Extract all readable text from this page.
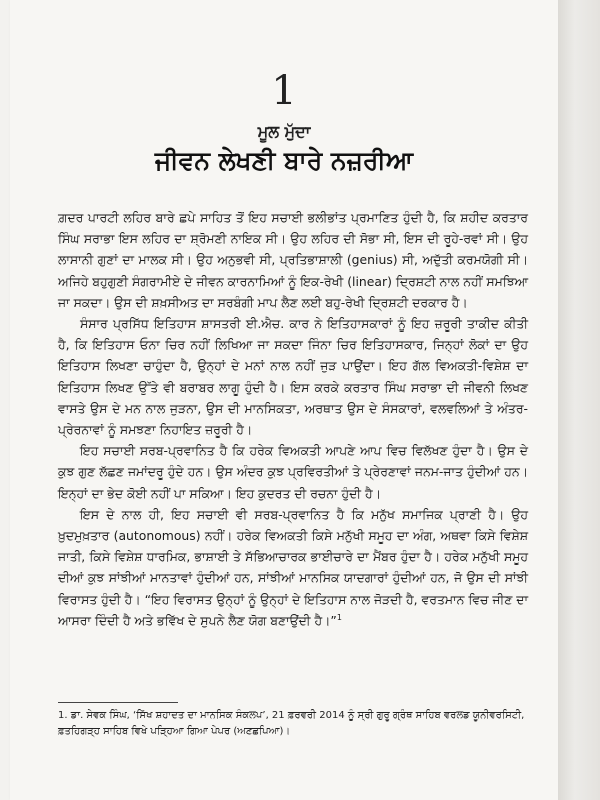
1
ਮੂਲ ਮੁੱਦਾ
ਜੀਵਨ ਲੇਖਣੀ ਬਾਰੇ ਨਜ਼ਰੀਆ

ਗ਼ਦਰ ਪਾਰਟੀ ਲਹਿਰ ਬਾਰੇ ਛਪੇ ਸਾਹਿਤ ਤੋਂ ਇਹ ਸਚਾਈ ਭਲੀਭਾਂਤ ਪ੍ਰਮਾਣਿਤ ਹੁੰਦੀ ਹੈ, ਕਿ ਸ਼ਹੀਦ ਕਰਤਾਰ ਸਿੰਘ ਸਰਾਭਾ ਇਸ ਲਹਿਰ ਦਾ ਸ਼੍ਰੋਮਣੀ ਨਾਇਕ ਸੀ। ਉਹ ਲਹਿਰ ਦੀ ਸੋਭਾ ਸੀ, ਇਸ ਦੀ ਰੂਹੇ-ਰਵਾਂ ਸੀ। ਉਹ ਲਾਸਾਨੀ ਗੁਣਾਂ ਦਾ ਮਾਲਕ ਸੀ। ਉਹ ਅਨੁਭਵੀ ਸੀ, ਪ੍ਰਤਿਭਾਸ਼ਾਲੀ (genius) ਸੀ, ਅਦੁੱਤੀ ਕਰਮਯੋਗੀ ਸੀ। ਅਜਿਹੇ ਬਹੁਗੁਣੀ ਸੰਗਰਾਮੀਏ ਦੇ ਜੀਵਨ ਕਾਰਨਾਮਿਆਂ ਨੂੰ ਇਕ-ਰੇਖੀ (linear) ਦ੍ਰਿਸ਼ਟੀ ਨਾਲ ਨਹੀਂ ਸਮਝਿਆ ਜਾ ਸਕਦਾ। ਉਸ ਦੀ ਸ਼ਖ਼ਸੀਅਤ ਦਾ ਸਰਬੰਗੀ ਮਾਪ ਲੈਣ ਲਈ ਬਹੁ-ਰੇਖੀ ਦ੍ਰਿਸ਼ਟੀ ਦਰਕਾਰ ਹੈ।

ਸੰਸਾਰ ਪ੍ਰਸਿੱਧ ਇਤਿਹਾਸ ਸ਼ਾਸਤਰੀ ਈ.ਐਚ. ਕਾਰ ਨੇ ਇਤਿਹਾਸਕਾਰਾਂ ਨੂੰ ਇਹ ਜ਼ਰੂਰੀ ਤਾਕੀਦ ਕੀਤੀ ਹੈ, ਕਿ ਇਤਿਹਾਸ ਓਨਾ ਚਿਰ ਨਹੀਂ ਲਿਖਿਆ ਜਾ ਸਕਦਾ ਜਿੰਨਾ ਚਿਰ ਇਤਿਹਾਸਕਾਰ, ਜਿਨ੍ਹਾਂ ਲੋਕਾਂ ਦਾ ਉਹ ਇਤਿਹਾਸ ਲਿਖਣਾ ਚਾਹੁੰਦਾ ਹੈ, ਉਨ੍ਹਾਂ ਦੇ ਮਨਾਂ ਨਾਲ ਨਹੀਂ ਜੁੜ ਪਾਉਂਦਾ। ਇਹ ਗੱਲ ਵਿਅਕਤੀ-ਵਿਸ਼ੇਸ਼ ਦਾ ਇਤਿਹਾਸ ਲਿਖਣ ਉੱਤੇ ਵੀ ਬਰਾਬਰ ਲਾਗੂ ਹੁੰਦੀ ਹੈ। ਇਸ ਕਰਕੇ ਕਰਤਾਰ ਸਿੰਘ ਸਰਾਭਾ ਦੀ ਜੀਵਨੀ ਲਿਖਣ ਵਾਸਤੇ ਉਸ ਦੇ ਮਨ ਨਾਲ ਜੁੜਨਾ, ਉਸ ਦੀ ਮਾਨਸਿਕਤਾ, ਅਰਥਾਤ ਉਸ ਦੇ ਸੰਸਕਾਰਾਂ, ਵਲਵਲਿਆਂ ਤੇ ਅੰਤਰ-ਪ੍ਰੇਰਨਾਵਾਂ ਨੂੰ ਸਮਝਣਾ ਨਿਹਾਇਤ ਜ਼ਰੂਰੀ ਹੈ।

ਇਹ ਸਚਾਈ ਸਰਬ-ਪ੍ਰਵਾਨਿਤ ਹੈ ਕਿ ਹਰੇਕ ਵਿਅਕਤੀ ਆਪਣੇ ਆਪ ਵਿਚ ਵਿਲੱਖਣ ਹੁੰਦਾ ਹੈ। ਉਸ ਦੇ ਕੁਝ ਗੁਣ ਲੱਛਣ ਜਮਾਂਦਰੂ ਹੁੰਦੇ ਹਨ। ਉਸ ਅੰਦਰ ਕੁਝ ਪ੍ਰਵਿਰਤੀਆਂ ਤੇ ਪ੍ਰੇਰਣਾਵਾਂ ਜਨਮ-ਜਾਤ ਹੁੰਦੀਆਂ ਹਨ। ਇਨ੍ਹਾਂ ਦਾ ਭੇਦ ਕੋਈ ਨਹੀਂ ਪਾ ਸਕਿਆ। ਇਹ ਕੁਦਰਤ ਦੀ ਰਚਨਾ ਹੁੰਦੀ ਹੈ।

ਇਸ ਦੇ ਨਾਲ ਹੀ, ਇਹ ਸਚਾਈ ਵੀ ਸਰਬ-ਪ੍ਰਵਾਨਿਤ ਹੈ ਕਿ ਮਨੁੱਖ ਸਮਾਜਿਕ ਪ੍ਰਾਣੀ ਹੈ। ਉਹ ਖ਼ੁਦਮੁਖ਼ਤਾਰ (autonomous) ਨਹੀਂ। ਹਰੇਕ ਵਿਅਕਤੀ ਕਿਸੇ ਮਨੁੱਖੀ ਸਮੂਹ ਦਾ ਅੰਗ, ਅਥਵਾ ਕਿਸੇ ਵਿਸ਼ੇਸ਼ ਜਾਤੀ, ਕਿਸੇ ਵਿਸ਼ੇਸ਼ ਧਾਰਮਿਕ, ਭਾਸ਼ਾਈ ਤੇ ਸੱਭਿਆਚਾਰਕ ਭਾਈਚਾਰੇ ਦਾ ਮੈਂਬਰ ਹੁੰਦਾ ਹੈ। ਹਰੇਕ ਮਨੁੱਖੀ ਸਮੂਹ ਦੀਆਂ ਕੁਝ ਸਾਂਝੀਆਂ ਮਾਨਤਾਵਾਂ ਹੁੰਦੀਆਂ ਹਨ, ਸਾਂਝੀਆਂ ਮਾਨਸਿਕ ਯਾਦਗਾਰਾਂ ਹੁੰਦੀਆਂ ਹਨ, ਜੋ ਉਸ ਦੀ ਸਾਂਝੀ ਵਿਰਾਸਤ ਹੁੰਦੀ ਹੈ। “ਇਹ ਵਿਰਾਸਤ ਉਨ੍ਹਾਂ ਨੂੰ ਉਨ੍ਹਾਂ ਦੇ ਇਤਿਹਾਸ ਨਾਲ ਜੋੜਦੀ ਹੈ, ਵਰਤਮਾਨ ਵਿਚ ਜੀਣ ਦਾ ਆਸਰਾ ਦਿੰਦੀ ਹੈ ਅਤੇ ਭਵਿੱਖ ਦੇ ਸੁਪਨੇ ਲੈਣ ਯੋਗ ਬਣਾਉਂਦੀ ਹੈ।”$^1$

1. ਡਾ. ਸੇਵਕ ਸਿੰਘ, ‘ਸਿੱਖ ਸ਼ਹਾਦਤ ਦਾ ਮਾਨਸਿਕ ਸੰਕਲਪ’, 21 ਫ਼ਰਵਰੀ 2014 ਨੂੰ ਸ੍ਰੀ ਗੁਰੂ ਗ੍ਰੰਥ ਸਾਹਿਬ ਵਰਲਡ ਯੂਨੀਵਰਸਿਟੀ, ਫ਼ਤਹਿਗੜ੍ਹ ਸਾਹਿਬ ਵਿਖੇ ਪੜ੍ਹਿਆ ਗਿਆ ਪੇਪਰ (ਅਣਛਪਿਆ)।
